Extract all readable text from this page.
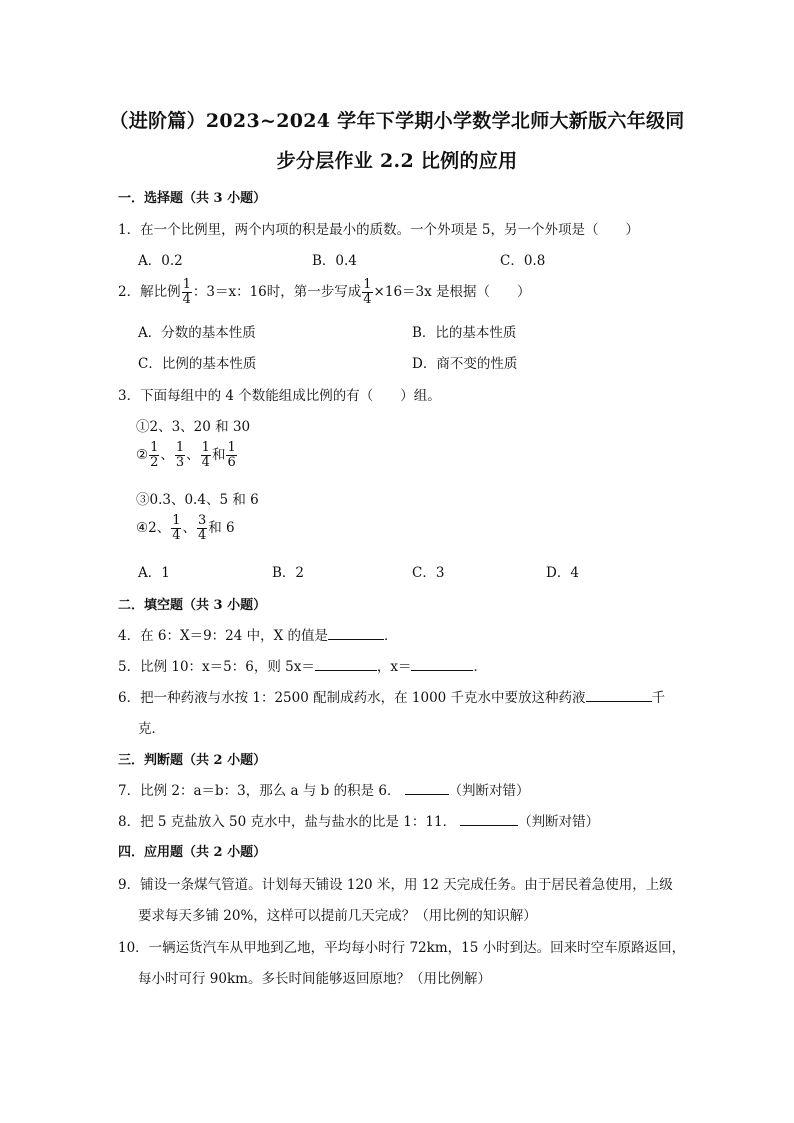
（进阶篇）2023~2024 学年下学期小学数学北师大新版六年级同
步分层作业 2.2 比例的应用
一．选择题（共 3 小题）
1．在一个比例里，两个内项的积是最小的质数。一个外项是 5，另一个外项是（　　）
A．0.2	B．0.4	C．0.8
2．解比例 $\frac{1}{4}$ ：3＝x：16时，第一步写成 $\frac{1}{4} \times 16=3x$ 是根据（　　）
A．分数的基本性质	B．比的基本性质
C．比例的基本性质	D．商不变的性质
3．下面每组中的 4 个数能组成比例的有（　　）组。
①2、3、20 和 30
② $\frac{1}{2}$ 、 $\frac{1}{3}$ 、 $\frac{1}{4}$ 和 $\frac{1}{6}$
③0.3、0.4、5 和 6
④2、 $\frac{1}{4}$ 、 $\frac{3}{4}$ 和 6
A．1	B．2	C．3	D．4
二．填空题（共 3 小题）
4．在 6：X＝9：24 中，X 的值是	．
5．比例 10：x＝5：6，则 5x＝	，x＝	．
6．把一种药液与水按 1：2500 配制成药水，在 1000 千克水中要放这种药液	千
克．
三．判断题（共 2 小题）
7．比例 2：a＝b：3，那么 a 与 b 的积是 6．	（判断对错）
8．把 5 克盐放入 50 克水中，盐与盐水的比是 1：11．	（判断对错）
四．应用题（共 2 小题）
9．铺设一条煤气管道。计划每天铺设 120 米，用 12 天完成任务。由于居民着急使用，上级
要求每天多铺 20%，这样可以提前几天完成？（用比例的知识解）
10．一辆运货汽车从甲地到乙地，平均每小时行 72km，15 小时到达。回来时空车原路返回，
每小时可行 90km。多长时间能够返回原地？（用比例解）
